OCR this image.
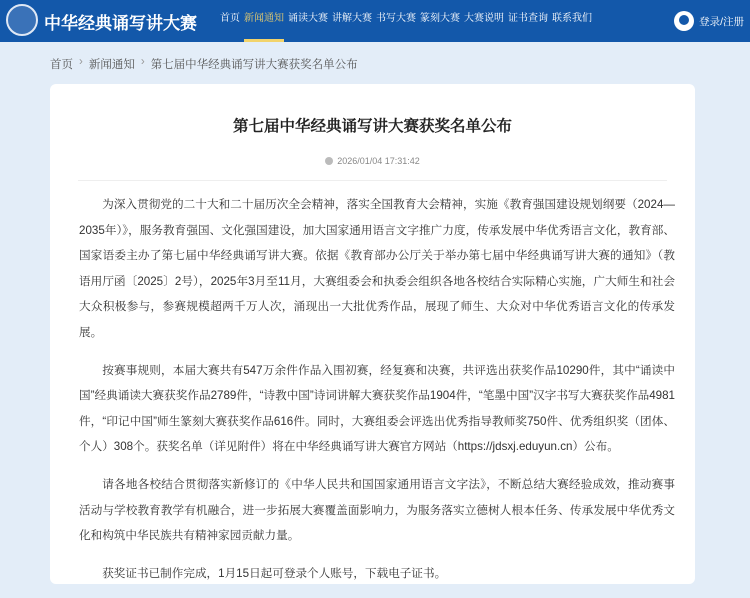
中华经典诵写讲大赛 首页 新闻通知 诵读大赛 讲解大赛 书写大赛 篆刻大赛 大赛说明 证书查询 联系我们	登录/注册
首页 › 新闻通知 › 第七届中华经典诵写讲大赛获奖名单公布
第七届中华经典诵写讲大赛获奖名单公布
2026/01/04 17:31:42

为深入贯彻党的二十大和二十届历次全会精神，落实全国教育大会精神，实施《教育强国建设规划纲要（2024—2035年）》，服务教育强国、文化强国建设，加大国家通用语言文字推广力度，传承发展中华优秀语言文化，教育部、国家语委主办了第七届中华经典诵写讲大赛。依据《教育部办公厅关于举办第七届中华经典诵写讲大赛的通知》（教语用厅函〔2025〕2号），2025年3月至11月，大赛组委会和执委会组织各地各校结合实际精心实施，广大师生和社会大众积极参与，参赛规模超两千万人次，涌现出一大批优秀作品，展现了师生、大众对中华优秀语言文化的传承发展。

按赛事规则，本届大赛共有547万余件作品入围初赛，经复赛和决赛，共评选出获奖作品10290件，其中“诵读中国”经典诵读大赛获奖作品2789件，“诗教中国”诗词讲解大赛获奖作品1904件，“笔墨中国”汉字书写大赛获奖作品4981件，“印记中国”师生篆刻大赛获奖作品616件。同时，大赛组委会评选出优秀指导教师奖750件、优秀组织奖（团体、个人）308个。获奖名单（详见附件）将在中华经典诵写讲大赛官方网站（https://jdsxj.eduyun.cn）公布。

请各地各校结合贯彻落实新修订的《中华人民共和国国家通用语言文字法》，不断总结大赛经验成效，推动赛事活动与学校教育教学有机融合，进一步拓展大赛覆盖面影响力，为服务落实立德树人根本任务、传承发展中华优秀文化和构筑中华民族共有精神家园贡献力量。

获奖证书已制作完成，1月15日起可登录个人账号，下载电子证书。
